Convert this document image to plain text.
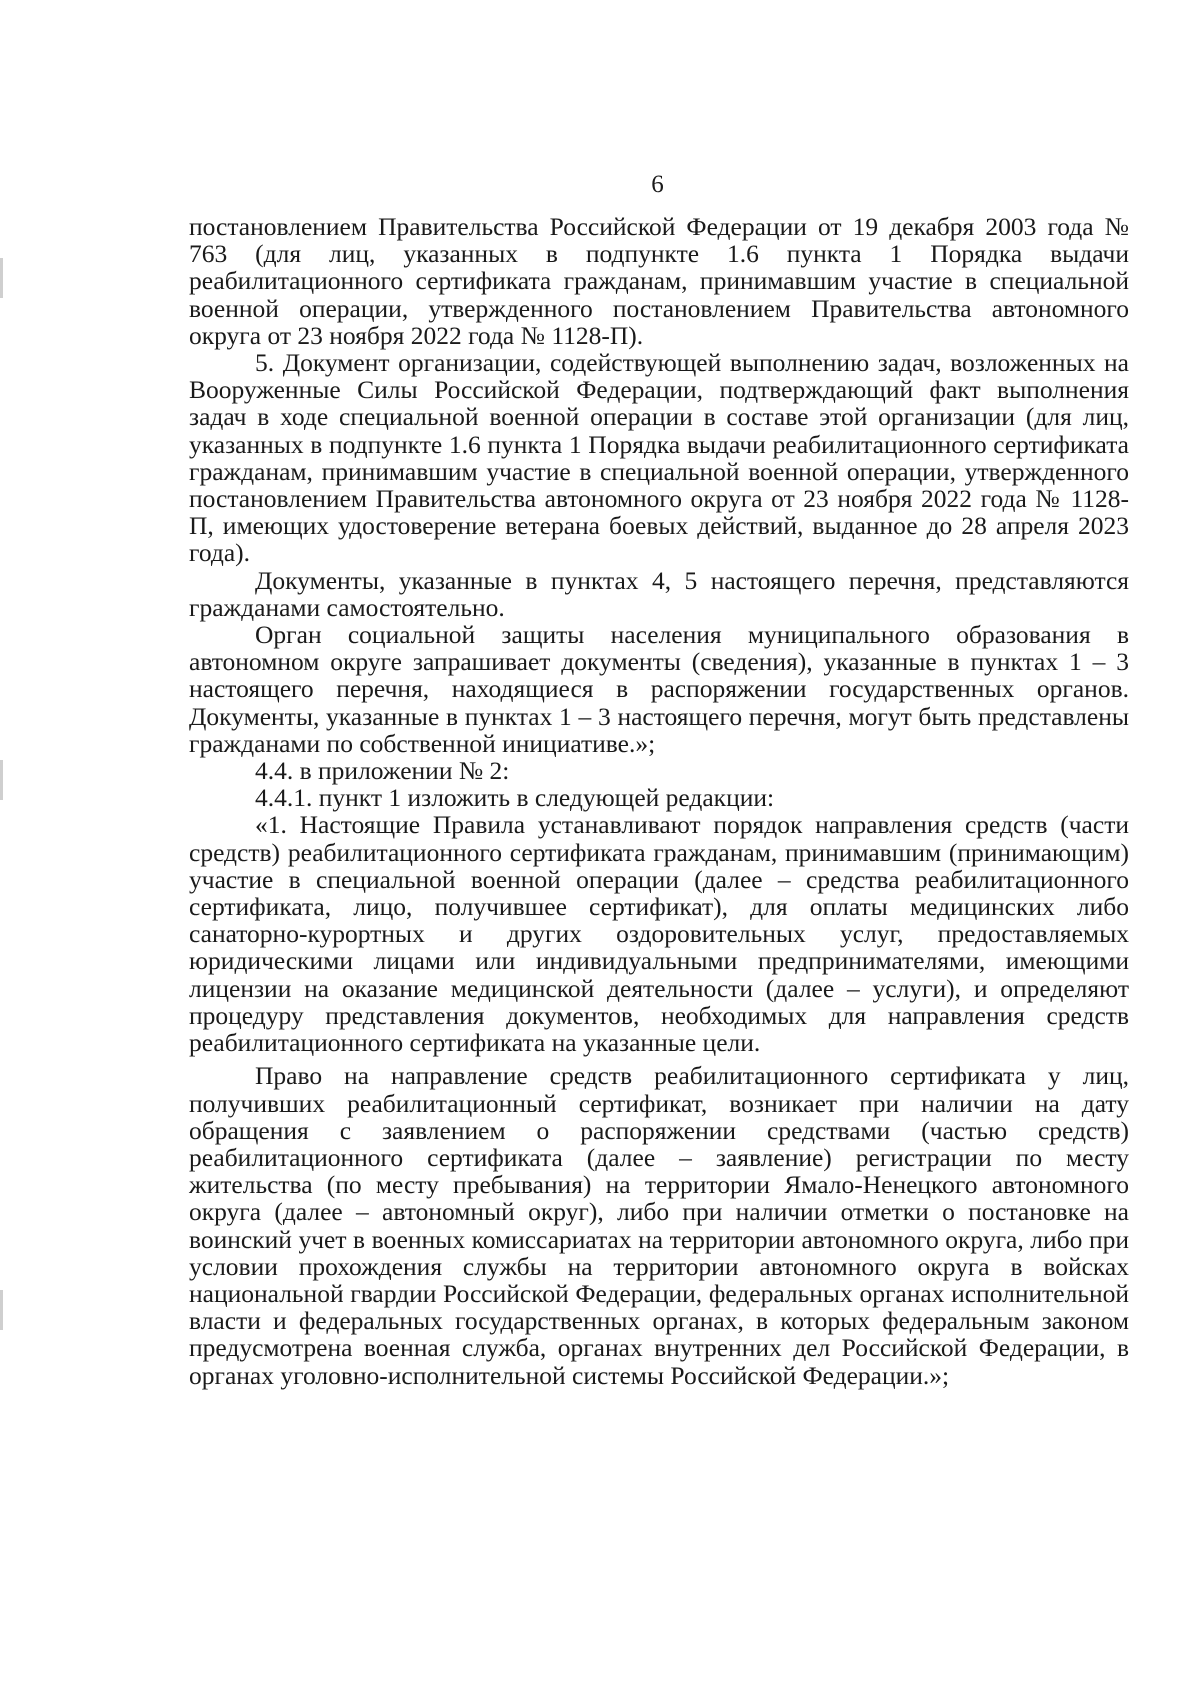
6

постановлением Правительства Российской Федерации от 19 декабря 2003 года № 763 (для лиц, указанных в подпункте 1.6 пункта 1 Порядка выдачи реабилитационного сертификата гражданам, принимавшим участие в специальной военной операции, утвержденного постановлением Правительства автономного округа от 23 ноября 2022 года № 1128-П).

5. Документ организации, содействующей выполнению задач, возложенных на Вооруженные Силы Российской Федерации, подтверждающий факт выполнения задач в ходе специальной военной операции в составе этой организации (для лиц, указанных в подпункте 1.6 пункта 1 Порядка выдачи реабилитационного сертификата гражданам, принимавшим участие в специальной военной операции, утвержденного постановлением Правительства автономного округа от 23 ноября 2022 года № 1128-П, имеющих удостоверение ветерана боевых действий, выданное до 28 апреля 2023 года).

Документы, указанные в пунктах 4, 5 настоящего перечня, представляются гражданами самостоятельно.

Орган социальной защиты населения муниципального образования в автономном округе запрашивает документы (сведения), указанные в пунктах 1 – 3 настоящего перечня, находящиеся в распоряжении государственных органов. Документы, указанные в пунктах 1 – 3 настоящего перечня, могут быть представлены гражданами по собственной инициативе.»;

4.4. в приложении № 2:

4.4.1. пункт 1 изложить в следующей редакции:

«1. Настоящие Правила устанавливают порядок направления средств (части средств) реабилитационного сертификата гражданам, принимавшим (принимающим) участие в специальной военной операции (далее – средства реабилитационного сертификата, лицо, получившее сертификат), для оплаты медицинских либо санаторно-курортных и других оздоровительных услуг, предоставляемых юридическими лицами или индивидуальными предпринимателями, имеющими лицензии на оказание медицинской деятельности (далее – услуги), и определяют процедуру представления документов, необходимых для направления средств реабилитационного сертификата на указанные цели.

Право на направление средств реабилитационного сертификата у лиц, получивших реабилитационный сертификат, возникает при наличии на дату обращения с заявлением о распоряжении средствами (частью средств) реабилитационного сертификата (далее – заявление) регистрации по месту жительства (по месту пребывания) на территории Ямало-Ненецкого автономного округа (далее – автономный округ), либо при наличии отметки о постановке на воинский учет в военных комиссариатах на территории автономного округа, либо при условии прохождения службы на территории автономного округа в войсках национальной гвардии Российской Федерации, федеральных органах исполнительной власти и федеральных государственных органах, в которых федеральным законом предусмотрена военная служба, органах внутренних дел Российской Федерации, в органах уголовно-исполнительной системы Российской Федерации.»;
